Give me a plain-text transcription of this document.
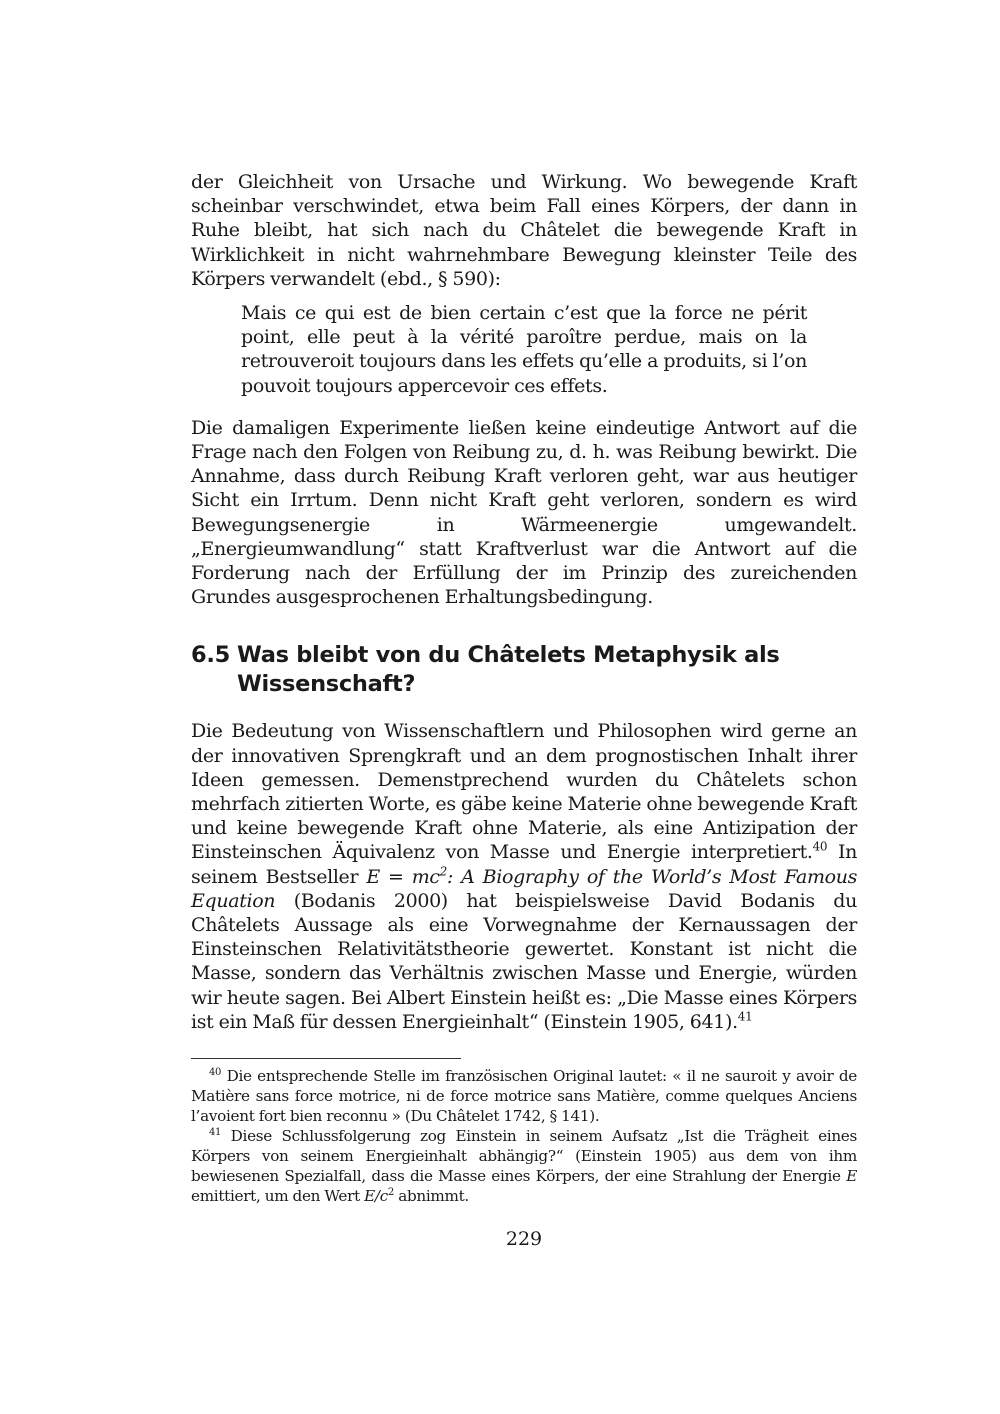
der Gleichheit von Ursache und Wirkung. Wo bewegende Kraft scheinbar verschwindet, etwa beim Fall eines Körpers, der dann in Ruhe bleibt, hat sich nach du Châtelet die bewegende Kraft in Wirklichkeit in nicht wahrnehmbare Bewegung kleinster Teile des Körpers verwandelt (ebd., § 590):

Mais ce qui est de bien certain c’est que la force ne périt point, elle peut à la vérité paroître perdue, mais on la retrouveroit toujours dans les effets qu’elle a produits, si l’on pouvoit toujours appercevoir ces effets.

Die damaligen Experimente ließen keine eindeutige Antwort auf die Frage nach den Folgen von Reibung zu, d. h. was Reibung bewirkt. Die Annahme, dass durch Reibung Kraft verloren geht, war aus heutiger Sicht ein Irrtum. Denn nicht Kraft geht verloren, sondern es wird Bewegungsenergie in Wärmeenergie umgewandelt. „Energieumwandlung“ statt Kraftverlust war die Antwort auf die Forderung nach der Erfüllung der im Prinzip des zureichenden Grundes ausgesprochenen Erhaltungsbedingung.

6.5 Was bleibt von du Châtelets Metaphysik als Wissenschaft?

Die Bedeutung von Wissenschaftlern und Philosophen wird gerne an der innovativen Sprengkraft und an dem prognostischen Inhalt ihrer Ideen gemessen. Demenstprechend wurden du Châtelets schon mehrfach zitierten Worte, es gäbe keine Materie ohne bewegende Kraft und keine bewegende Kraft ohne Materie, als eine Antizipation der Einsteinschen Äquivalenz von Masse und Energie interpretiert.$^{40}$ In seinem Bestseller $E = mc^2$: A Biography of the World’s Most Famous Equation (Bodanis 2000) hat beispielsweise David Bodanis du Châtelets Aussage als eine Vorwegnahme der Kernaussagen der Einsteinschen Relativitätstheorie gewertet. Konstant ist nicht die Masse, sondern das Verhältnis zwischen Masse und Energie, würden wir heute sagen. Bei Albert Einstein heißt es: „Die Masse eines Körpers ist ein Maß für dessen Energieinhalt“ (Einstein 1905, 641).$^{41}$

$^{40}$ Die entsprechende Stelle im französischen Original lautet: « il ne sauroit y avoir de Matière sans force motrice, ni de force motrice sans Matière, comme quelques Anciens l’avoient fort bien reconnu » (Du Châtelet 1742, § 141).

$^{41}$ Diese Schlussfolgerung zog Einstein in seinem Aufsatz „Ist die Trägheit eines Körpers von seinem Energieinhalt abhängig?“ (Einstein 1905) aus dem von ihm bewiesenen Spezialfall, dass die Masse eines Körpers, der eine Strahlung der Energie E emittiert, um den Wert $E/c^2$ abnimmt.

229
